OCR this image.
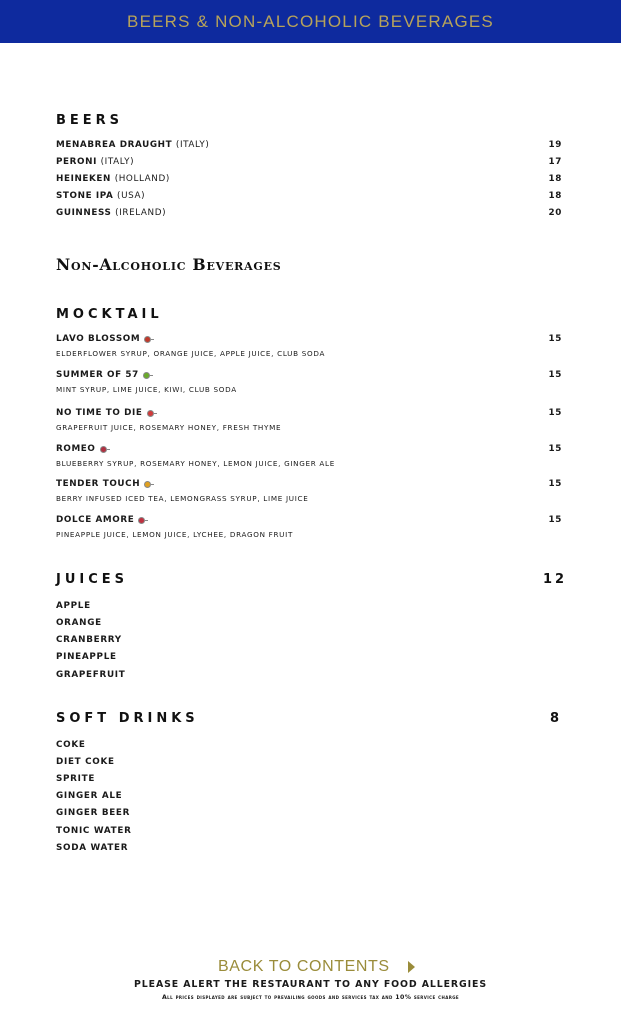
BEERS & NON-ALCOHOLIC BEVERAGES
BEERS
MENABREA DRAUGHT (ITALY)	19
PERONI (ITALY)	17
HEINEKEN (HOLLAND)	18
STONE IPA (USA)	18
GUINNESS (IRELAND)	20
Non-Alcoholic Beverages
MOCKTAIL
LAVO BLOSSOM	15
ELDERFLOWER SYRUP, ORANGE JUICE, APPLE JUICE, CLUB SODA
SUMMER OF 57	15
MINT SYRUP, LIME JUICE, KIWI, CLUB SODA
NO TIME TO DIE	15
GRAPEFRUIT JUICE, ROSEMARY HONEY, FRESH THYME
ROMEO	15
BLUEBERRY SYRUP, ROSEMARY HONEY, LEMON JUICE, GINGER ALE
TENDER TOUCH	15
BERRY INFUSED ICED TEA, LEMONGRASS SYRUP, LIME JUICE
DOLCE AMORE	15
PINEAPPLE JUICE, LEMON JUICE, LYCHEE, DRAGON FRUIT
JUICES	12
APPLE
ORANGE
CRANBERRY
PINEAPPLE
GRAPEFRUIT
SOFT DRINKS	8
COKE
DIET COKE
SPRITE
GINGER ALE
GINGER BEER
TONIC WATER
SODA WATER
BACK TO CONTENTS
PLEASE ALERT THE RESTAURANT TO ANY FOOD ALLERGIES
All prices displayed are subject to prevailing goods and services tax and 10% service charge
